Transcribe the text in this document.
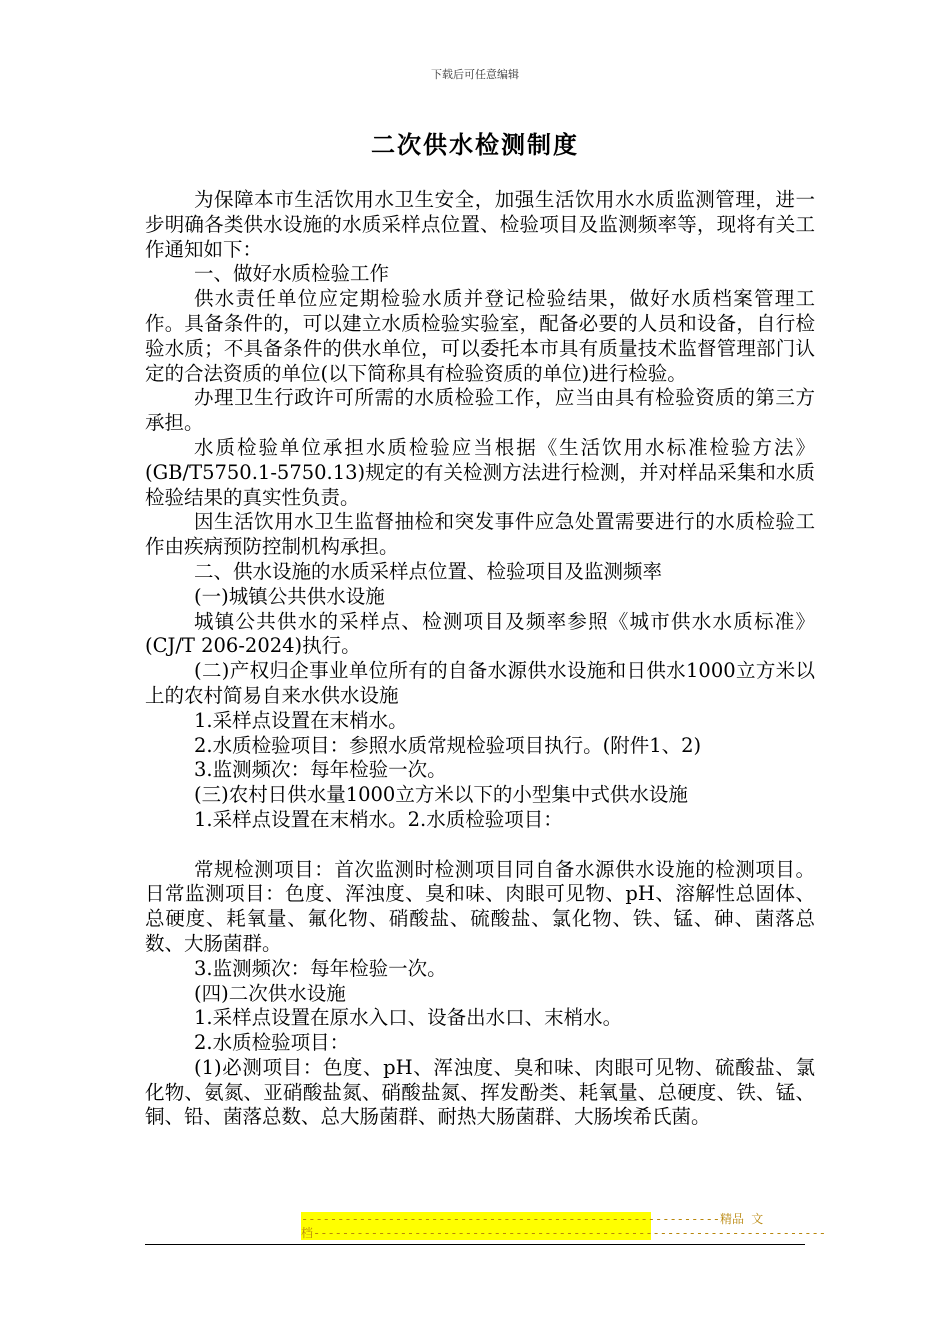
下载后可任意编辑
二次供水检测制度

为保障本市生活饮用水卫生安全，加强生活饮用水水质监测管理，进一步明确各类供水设施的水质采样点位置、检验项目及监测频率等，现将有关工作通知如下：

一、做好水质检验工作

供水责任单位应定期检验水质并登记检验结果，做好水质档案管理工作。具备条件的，可以建立水质检验实验室，配备必要的人员和设备，自行检验水质；不具备条件的供水单位，可以委托本市具有质量技术监督管理部门认定的合法资质的单位(以下简称具有检验资质的单位)进行检验。

办理卫生行政许可所需的水质检验工作，应当由具有检验资质的第三方承担。

水质检验单位承担水质检验应当根据《生活饮用水标准检验方法》(GB/T5750.1-5750.13)规定的有关检测方法进行检测，并对样品采集和水质检验结果的真实性负责。

因生活饮用水卫生监督抽检和突发事件应急处置需要进行的水质检验工作由疾病预防控制机构承担。

二、供水设施的水质采样点位置、检验项目及监测频率

(一)城镇公共供水设施

城镇公共供水的采样点、检测项目及频率参照《城市供水水质标准》(CJ/T 206-2024)执行。

(二)产权归企事业单位所有的自备水源供水设施和日供水1000立方米以上的农村简易自来水供水设施

1.采样点设置在末梢水。

2.水质检验项目：参照水质常规检验项目执行。(附件1、2)

3.监测频次：每年检验一次。

(三)农村日供水量1000立方米以下的小型集中式供水设施

1.采样点设置在末梢水。2.水质检验项目：

常规检测项目：首次监测时检测项目同自备水源供水设施的检测项目。日常监测项目：色度、浑浊度、臭和味、肉眼可见物、pH、溶解性总固体、总硬度、耗氧量、氟化物、硝酸盐、硫酸盐、氯化物、铁、锰、砷、菌落总数、大肠菌群。

3.监测频次：每年检验一次。

(四)二次供水设施

1.采样点设置在原水入口、设备出水口、末梢水。

2.水质检验项目：

(1)必测项目：色度、pH、浑浊度、臭和味、肉眼可见物、硫酸盐、氯化物、氨氮、亚硝酸盐氮、硝酸盐氮、挥发酚类、耗氧量、总硬度、铁、锰、铜、铅、菌落总数、总大肠菌群、耐热大肠菌群、大肠埃希氏菌。

----------------------------------------------------------精品 文
档-----------------------------------------------------------------------
